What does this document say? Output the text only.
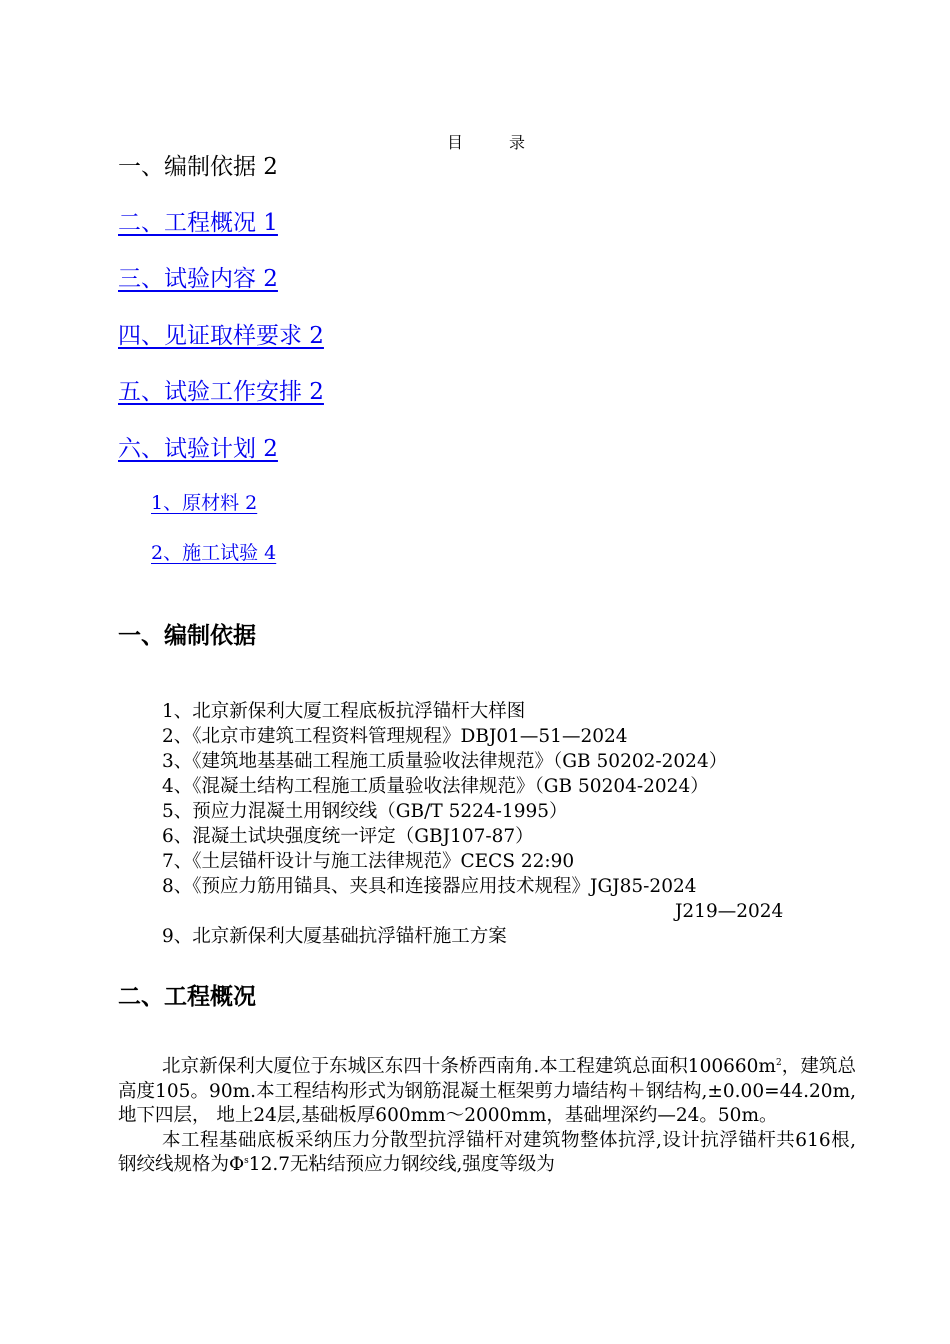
目	录
一、编制依据 2
二、工程概况 1
三、试验内容 2
四、见证取样要求 2
五、试验工作安排 2
六、试验计划 2
1、原材料 2
2、施工试验 4
一、编制依据
1、北京新保利大厦工程底板抗浮锚杆大样图
2、《北京市建筑工程资料管理规程》DBJ01—51—2024
3、《建筑地基基础工程施工质量验收法律规范》（GB 50202-2024）
4、《混凝土结构工程施工质量验收法律规范》（GB 50204-2024）
5、预应力混凝土用钢绞线（GB/T 5224-1995）
6、混凝土试块强度统一评定（GBJ107-87）
7、《土层锚杆设计与施工法律规范》CECS 22:90
8、《预应力筋用锚具、夹具和连接器应用技术规程》JGJ85-2024
J219—2024
9、北京新保利大厦基础抗浮锚杆施工方案
二、工程概况

北京新保利大厦位于东城区东四十条桥西南角.本工程建筑总面积$100660m^2$，建筑总高度105。90m.本工程结构形式为钢筋混凝土框架剪力墙结构＋钢结构,±0.00=44.20m,地下四层， 地上24层,基础板厚600mm～2000mm，基础埋深约—24。50m。

本工程基础底板采纳压力分散型抗浮锚杆对建筑物整体抗浮,设计抗浮锚杆共616根,钢绞线规格为$\Phi^s12.7$无粘结预应力钢绞线,强度等级为
